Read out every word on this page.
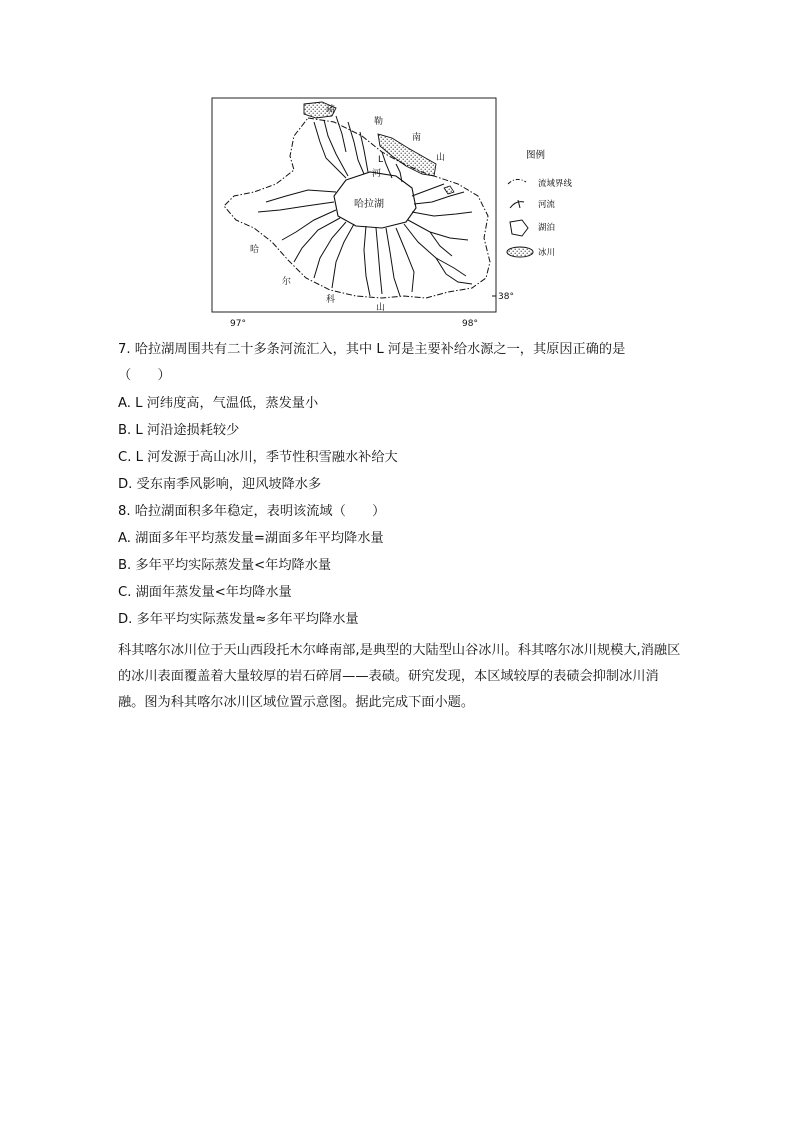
哈拉湖
勒
南
山
哈
尔
科
山
L
河
疏
97°	98°
38°
图例
流域界线
河流
湖泊
冰川
7. 哈拉湖周围共有二十多条河流汇入，其中 L 河是主要补给水源之一，其原因正确的是
（　　）
A. L 河纬度高，气温低，蒸发量小
B. L 河沿途损耗较少
C. L 河发源于高山冰川，季节性积雪融水补给大
D. 受东南季风影响，迎风坡降水多
8. 哈拉湖面积多年稳定，表明该流域（　　）
A. 湖面多年平均蒸发量=湖面多年平均降水量
B. 多年平均实际蒸发量<年均降水量
C. 湖面年蒸发量<年均降水量
D. 多年平均实际蒸发量≈多年平均降水量
科其喀尔冰川位于天山西段托木尔峰南部,是典型的大陆型山谷冰川。科其喀尔冰川规模大,消融区的冰川表面覆盖着大量较厚的岩石碎屑——表碛。研究发现，本区域较厚的表碛会抑制冰川消融。图为科其喀尔冰川区域位置示意图。据此完成下面小题。
